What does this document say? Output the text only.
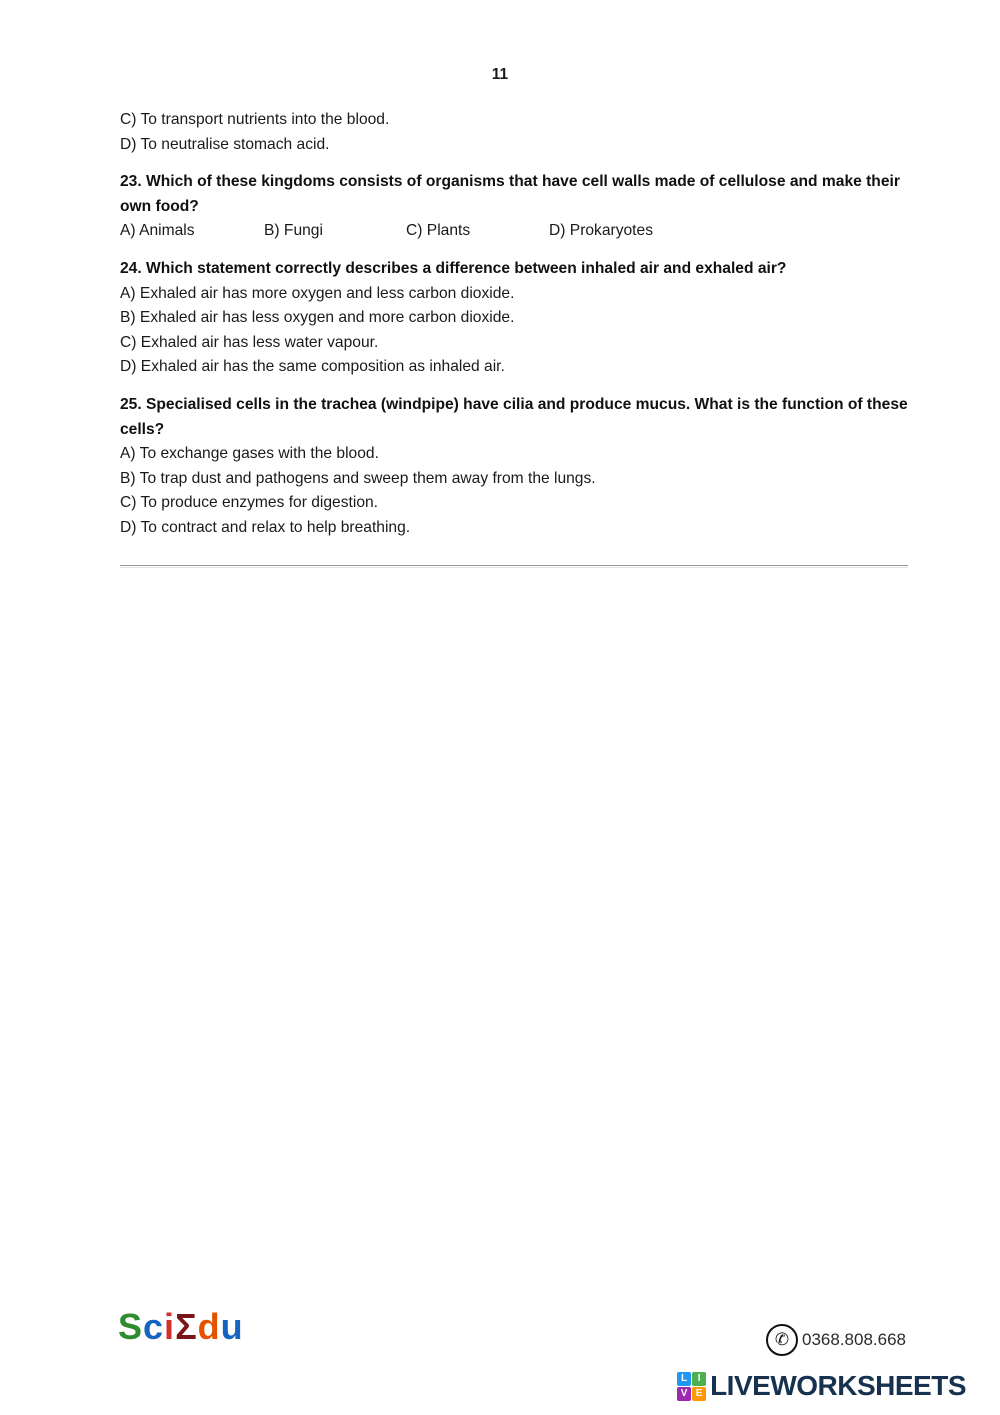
11

C) To transport nutrients into the blood.

D) To neutralise stomach acid.

23. Which of these kingdoms consists of organisms that have cell walls made of cellulose and make their own food?

A) Animals	B) Fungi	C) Plants	D) Prokaryotes

24. Which statement correctly describes a difference between inhaled air and exhaled air?

A) Exhaled air has more oxygen and less carbon dioxide.

B) Exhaled air has less oxygen and more carbon dioxide.

C) Exhaled air has less water vapour.

D) Exhaled air has the same composition as inhaled air.

25. Specialised cells in the trachea (windpipe) have cilia and produce mucus. What is the function of these cells?

A) To exchange gases with the blood.

B) To trap dust and pathogens and sweep them away from the lungs.

C) To produce enzymes for digestion.

D) To contract and relax to help breathing.

SciΣdu	✆ 0368.808.668
L	I
V E LIVEWORKSHEETS
